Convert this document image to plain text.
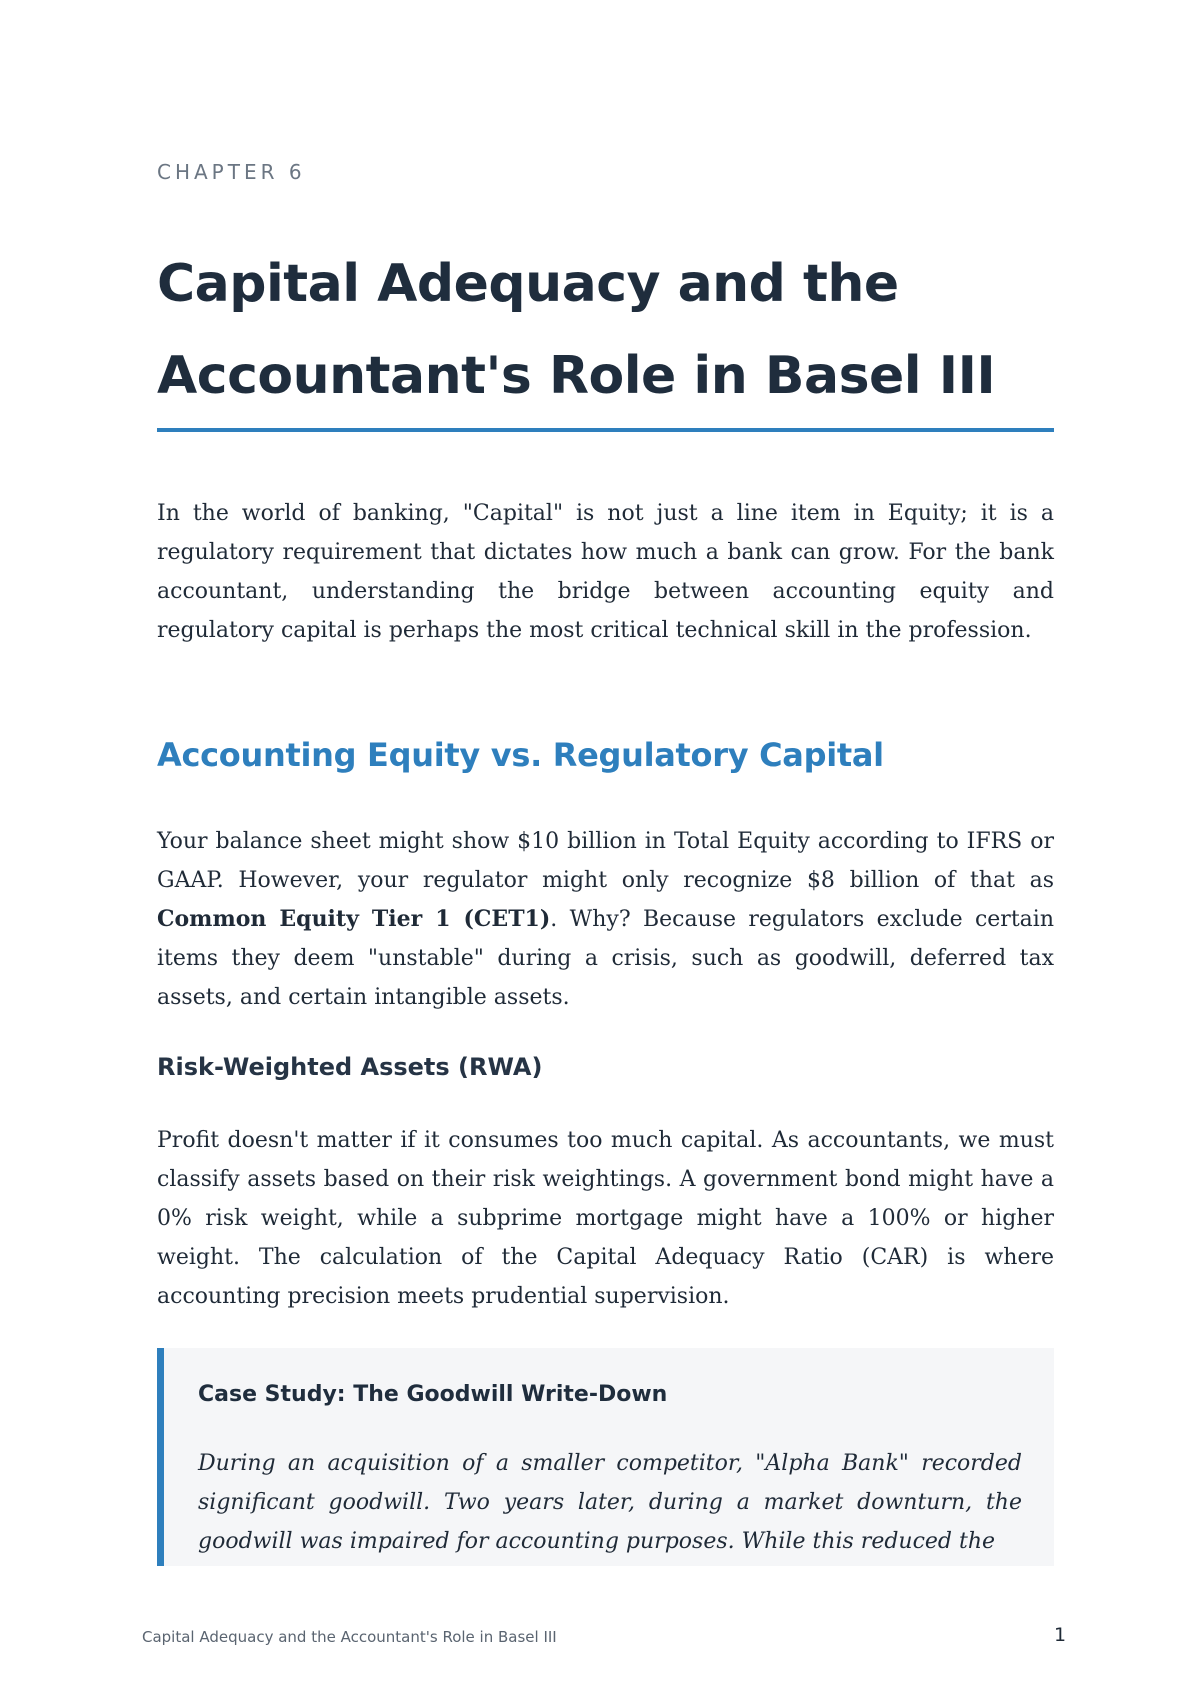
CHAPTER 6
Capital Adequacy and the
Accountant's Role in Basel III

In the world of banking, "Capital" is not just a line item in Equity; it is a regulatory requirement that dictates how much a bank can grow. For the bank accountant, understanding the bridge between accounting equity and regulatory capital is perhaps the most critical technical skill in the profession.

Accounting Equity vs. Regulatory Capital

Your balance sheet might show $10 billion in Total Equity according to IFRS or GAAP. However, your regulator might only recognize $8 billion of that as Common Equity Tier 1 (CET1). Why? Because regulators exclude certain items they deem "unstable" during a crisis, such as goodwill, deferred tax assets, and certain intangible assets.

Risk-Weighted Assets (RWA)

Profit doesn't matter if it consumes too much capital. As accountants, we must classify assets based on their risk weightings. A government bond might have a 0% risk weight, while a subprime mortgage might have a 100% or higher weight. The calculation of the Capital Adequacy Ratio (CAR) is where accounting precision meets prudential supervision.

Case Study: The Goodwill Write-Down

During an acquisition of a smaller competitor, "Alpha Bank" recorded significant goodwill. Two years later, during a market downturn, the goodwill was impaired for accounting purposes. While this reduced the

Capital Adequacy and the Accountant's Role in Basel III	1
